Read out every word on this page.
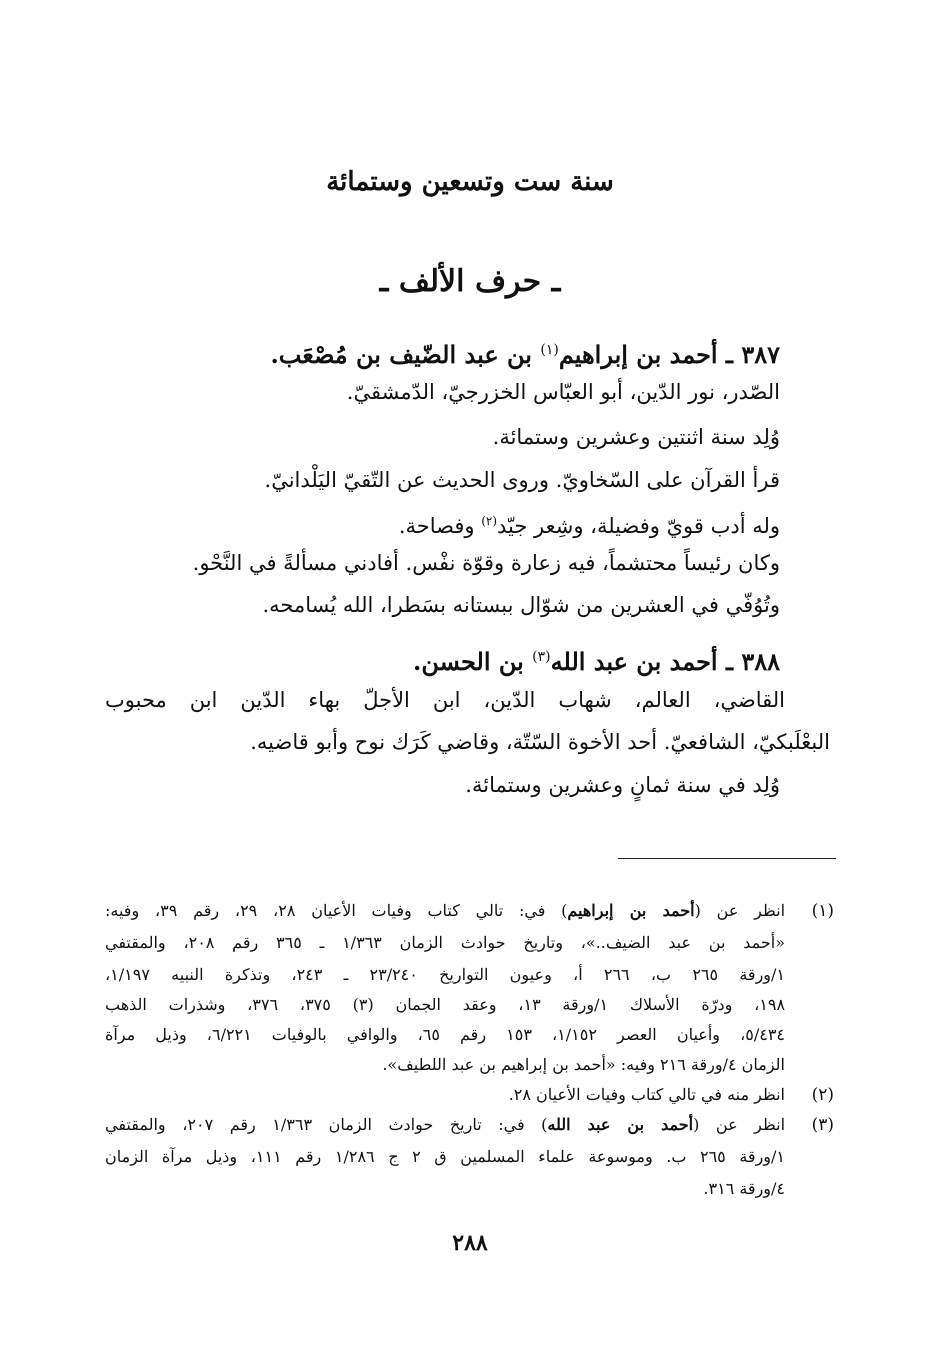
سنة ست وتسعين وستمائة
ـ حرف الألف ـ
٣٨٧ ـ أحمد بن إبراهيم$^{(١)}$ بن عبد الضّيف بن مُصْعَب.
الصّدر، نور الدّين، أبو العبّاس الخزرجيّ، الدّمشقيّ.
وُلِد سنة اثنتين وعشرين وستمائة.
قرأ القرآن على السّخاويّ. وروى الحديث عن التّقيّ اليَلْدانيّ.
وله أدب قويّ وفضيلة، وشِعر جيّد$^{(٢)}$ وفصاحة.
وكان رئيساً محتشماً، فيه زعارة وقوّة نفْس. أفادني مسألةً في النَّحْو.
وتُوُفّي في العشرين من شوّال ببستانه بسَطرا، الله يُسامحه.
٣٨٨ ـ أحمد بن عبد الله$^{(٣)}$ بن الحسن.
القاضي، العالم، شهاب الدّين، ابن الأجلّ بهاء الدّين ابن محبوب
البعْلَبكيّ، الشافعيّ. أحد الأخوة السّتّة، وقاضي كَرَك نوح وأبو قاضيه.
وُلِد في سنة ثمانٍ وعشرين وستمائة.
(١)
انظر عن (أحمد بن إبراهيم) في: تالي كتاب وفيات الأعيان ٢٨، ٢٩، رقم ٣٩، وفيه:
«أحمد بن عبد الضيف..»، وتاريخ حوادث الزمان ١/٣٦٣ ـ ٣٦٥ رقم ٢٠٨، والمقتفي
١/ورقة ٢٦٥ ب، ٢٦٦ أ، وعيون التواريخ ٢٣/٢٤٠ ـ ٢٤٣، وتذكرة النبيه ١/١٩٧،
١٩٨، ودرّة الأسلاك ١/ورقة ١٣، وعقد الجمان (٣) ٣٧٥، ٣٧٦، وشذرات الذهب
٥/٤٣٤، وأعيان العصر ١/١٥٢، ١٥٣ رقم ٦٥، والوافي بالوفيات ٦/٢٢١، وذيل مرآة
الزمان ٤/ورقة ٢١٦ وفيه: «أحمد بن إبراهيم بن عبد اللطيف».
(٢)
انظر منه في تالي كتاب وفيات الأعيان ٢٨.
(٣)
انظر عن (أحمد بن عبد الله) في: تاريخ حوادث الزمان ١/٣٦٣ رقم ٢٠٧، والمقتفي
١/ورقة ٢٦٥ ب. وموسوعة علماء المسلمين ق ٢ ج ١/٢٨٦ رقم ١١١، وذيل مرآة الزمان
٤/ورقة ٣١٦.
٢٨٨
